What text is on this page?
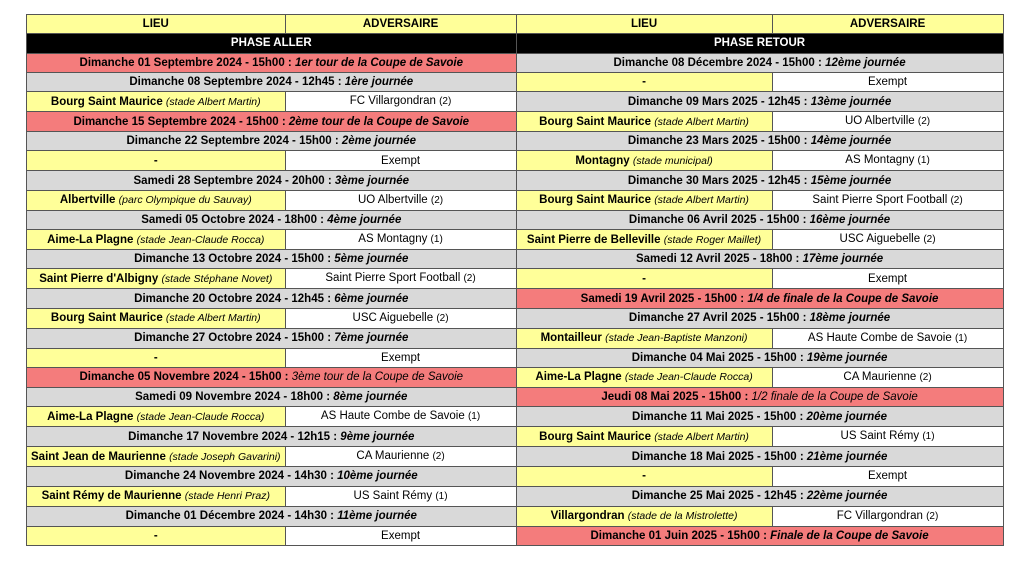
LIEU	ADVERSAIRE	LIEU	ADVERSAIRE
PHASE ALLER		PHASE RETOUR	
Dimanche 01 Septembre 2024 - 15h00 : 1er tour de la Coupe de Savoie		Dimanche 08 Décembre 2024 - 15h00 : 12ème journée	
Dimanche 08 Septembre 2024 - 12h45 : 1ère journée		-	Exempt
Bourg Saint Maurice (stade Albert Martin)	FC Villargondran (2)	Dimanche 09 Mars 2025 - 12h45 : 13ème journée	
Dimanche 15 Septembre 2024 - 15h00 : 2ème tour de la Coupe de Savoie		Bourg Saint Maurice (stade Albert Martin)	UO Albertville (2)
Dimanche 22 Septembre 2024 - 15h00 : 2ème journée		Dimanche 23 Mars 2025 - 15h00 : 14ème journée	
-	Exempt	Montagny (stade municipal)	AS Montagny (1)
Samedi 28 Septembre 2024 - 20h00 : 3ème journée		Dimanche 30 Mars 2025 - 12h45 : 15ème journée	
Albertville (parc Olympique du Sauvay)	UO Albertville (2)	Bourg Saint Maurice (stade Albert Martin)	Saint Pierre Sport Football (2)
Samedi 05 Octobre 2024 - 18h00 : 4ème journée		Dimanche 06 Avril 2025 - 15h00 : 16ème journée	
Aime-La Plagne (stade Jean-Claude Rocca)	AS Montagny (1)	Saint Pierre de Belleville (stade Roger Maillet)	USC Aiguebelle (2)
Dimanche 13 Octobre 2024 - 15h00 : 5ème journée		Samedi 12 Avril 2025 - 18h00 : 17ème journée	
Saint Pierre d'Albigny (stade Stéphane Novet)	Saint Pierre Sport Football (2)	-	Exempt
Dimanche 20 Octobre 2024 - 12h45 : 6ème journée		Samedi 19 Avril 2025 - 15h00 : 1/4 de finale de la Coupe de Savoie	
Bourg Saint Maurice (stade Albert Martin)	USC Aiguebelle (2)	Dimanche 27 Avril 2025 - 15h00 : 18ème journée	
Dimanche 27 Octobre 2024 - 15h00 : 7ème journée		Montailleur (stade Jean-Baptiste Manzoni)	AS Haute Combe de Savoie (1)
-	Exempt	Dimanche 04 Mai 2025 - 15h00 : 19ème journée	
Dimanche 05 Novembre 2024 - 15h00 : 3ème tour de la Coupe de Savoie		Aime-La Plagne (stade Jean-Claude Rocca)	CA Maurienne (2)
Samedi 09 Novembre 2024 - 18h00 : 8ème journée		Jeudi 08 Mai 2025 - 15h00 : 1/2 finale de la Coupe de Savoie	
Aime-La Plagne (stade Jean-Claude Rocca)	AS Haute Combe de Savoie (1)	Dimanche 11 Mai 2025 - 15h00 : 20ème journée	
Dimanche 17 Novembre 2024 - 12h15 : 9ème journée		Bourg Saint Maurice (stade Albert Martin)	US Saint Rémy (1)
Saint Jean de Maurienne (stade Joseph Gavarini)	CA Maurienne (2)	Dimanche 18 Mai 2025 - 15h00 : 21ème journée	
Dimanche 24 Novembre 2024 - 14h30 : 10ème journée		-	Exempt
Saint Rémy de Maurienne (stade Henri Praz)	US Saint Rémy (1)	Dimanche 25 Mai 2025 - 12h45 : 22ème journée	
Dimanche 01 Décembre 2024 - 14h30 : 11ème journée		Villargondran (stade de la Mistrolette)	FC Villargondran (2)
-	Exempt	Dimanche 01 Juin 2025 - 15h00 : Finale de la Coupe de Savoie	
